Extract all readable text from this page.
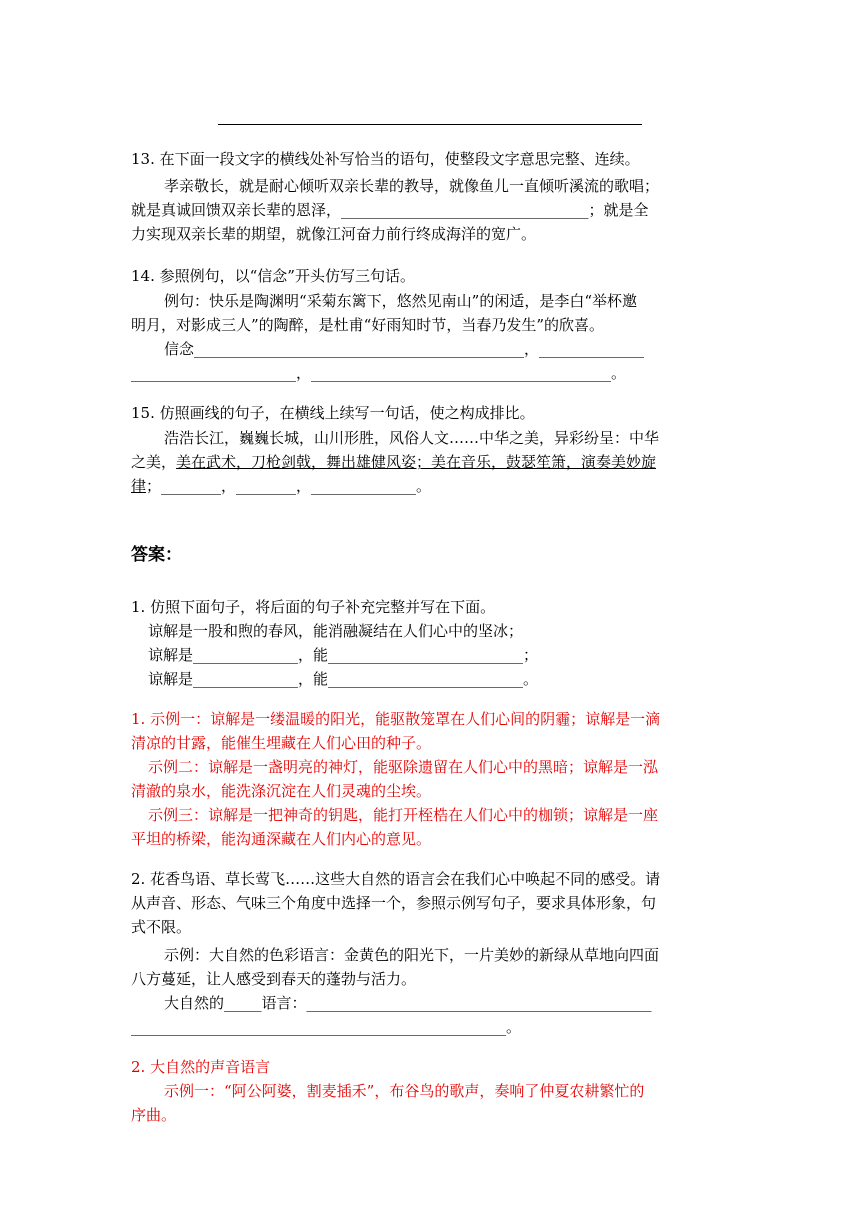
13. 在下面一段文字的横线处补写恰当的语句，使整段文字意思完整、连续。
孝亲敬长，就是耐心倾听双亲长辈的教导，就像鱼儿一直倾听溪流的歌唱；
就是真诚回馈双亲长辈的恩泽，_________________________________；就是全
力实现双亲长辈的期望，就像江河奋力前行终成海洋的宽广。
14. 参照例句，以“信念”开头仿写三句话。
例句：快乐是陶渊明“采菊东篱下，悠然见南山”的闲适，是李白“举杯邀
明月，对影成三人”的陶醉，是杜甫“好雨知时节，当春乃发生”的欣喜。
信念____________________________________________，______________
______________________，________________________________________。
15. 仿照画线的句子，在横线上续写一句话，使之构成排比。
浩浩长江，巍巍长城，山川形胜，风俗人文……中华之美，异彩纷呈：中华
之美，美在武术，刀枪剑戟，舞出雄健风姿；美在音乐，鼓瑟笙箫，演奏美妙旋
律；________，________，______________。
答案：
1. 仿照下面句子，将后面的句子补充完整并写在下面。
谅解是一股和煦的春风，能消融凝结在人们心中的坚冰；
谅解是______________，能__________________________；
谅解是______________，能__________________________。
1. 示例一：谅解是一缕温暖的阳光，能驱散笼罩在人们心间的阴霾；谅解是一滴
清凉的甘露，能催生埋藏在人们心田的种子。
示例二：谅解是一盏明亮的神灯，能驱除遗留在人们心中的黑暗；谅解是一泓
清澈的泉水，能洗涤沉淀在人们灵魂的尘埃。
示例三：谅解是一把神奇的钥匙，能打开桎梏在人们心中的枷锁；谅解是一座
平坦的桥梁，能沟通深藏在人们内心的意见。
2. 花香鸟语、草长莺飞……这些大自然的语言会在我们心中唤起不同的感受。请
从声音、形态、气味三个角度中选择一个，参照示例写句子，要求具体形象，句
式不限。
示例：大自然的色彩语言：金黄色的阳光下，一片美妙的新绿从草地向四面
八方蔓延，让人感受到春天的蓬勃与活力。
大自然的_____语言：______________________________________________
__________________________________________________。
2. 大自然的声音语言
示例一：“阿公阿婆，割麦插禾”，布谷鸟的歌声，奏响了仲夏农耕繁忙的
序曲。
